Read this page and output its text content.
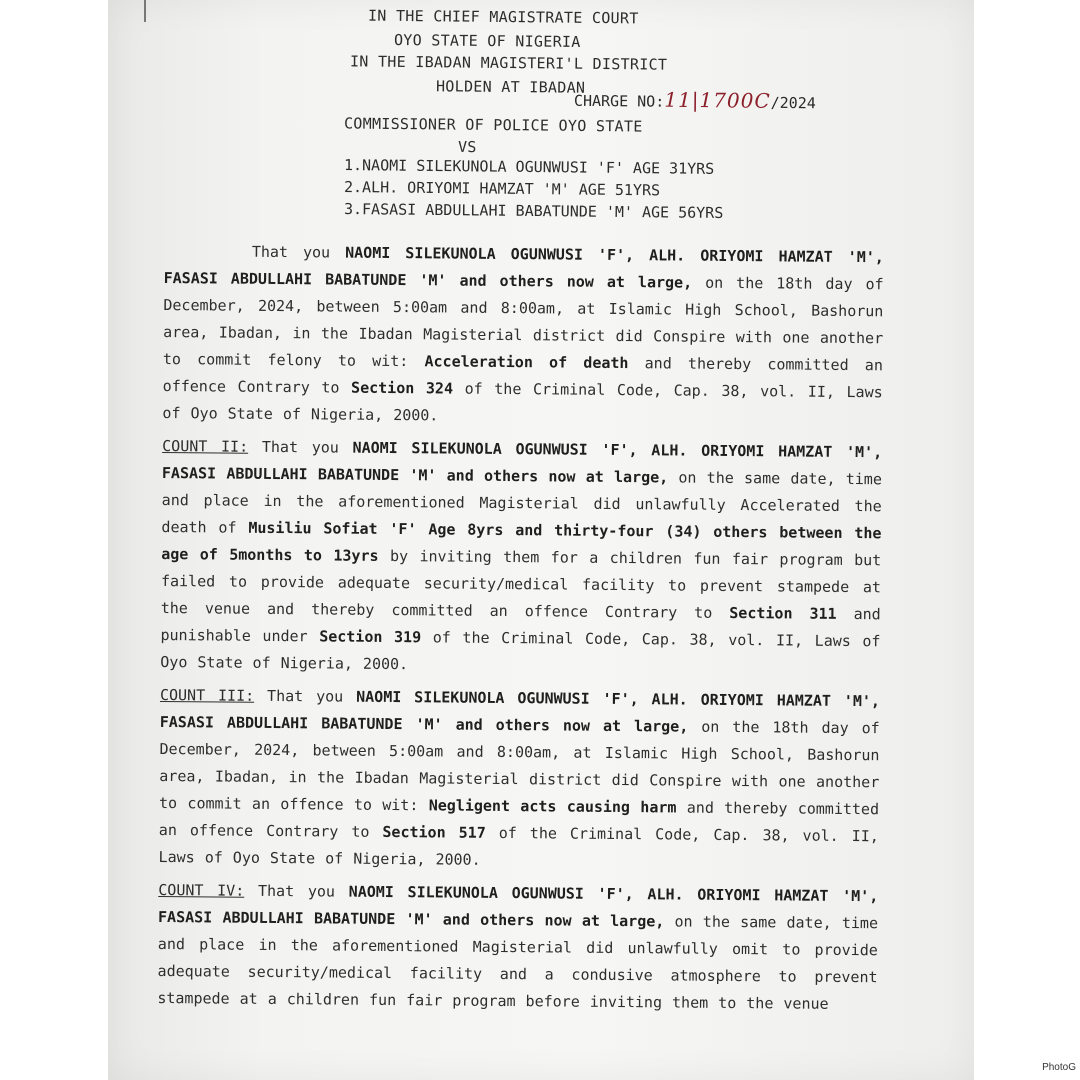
IN THE CHIEF MAGISTRATE COURT
OYO STATE OF NIGERIA
IN THE IBADAN MAGISTERI'L DISTRICT
HOLDEN AT IBADAN
CHARGE NO:11|1700C/2024
COMMISSIONER OF POLICE OYO STATE
VS
1.NAOMI SILEKUNOLA OGUNWUSI 'F' AGE 31YRS
2.ALH. ORIYOMI HAMZAT 'M' AGE 51YRS
3.FASASI ABDULLAHI BABATUNDE 'M' AGE 56YRS

That you NAOMI SILEKUNOLA OGUNWUSI 'F', ALH. ORIYOMI HAMZAT 'M', FASASI ABDULLAHI BABATUNDE 'M' and others now at large, on the 18th day of December, 2024, between 5:00am and 8:00am, at Islamic High School, Bashorun area, Ibadan, in the Ibadan Magisterial district did Conspire with one another to commit felony to wit: Acceleration of death and thereby committed an offence Contrary to Section 324 of the Criminal Code, Cap. 38, vol. II, Laws of Oyo State of Nigeria, 2000.

COUNT II: That you NAOMI SILEKUNOLA OGUNWUSI 'F', ALH. ORIYOMI HAMZAT 'M', FASASI ABDULLAHI BABATUNDE 'M' and others now at large, on the same date, time and place in the aforementioned Magisterial did unlawfully Accelerated the death of Musiliu Sofiat 'F' Age 8yrs and thirty-four (34) others between the age of 5months to 13yrs by inviting them for a children fun fair program but failed to provide adequate security/medical facility to prevent stampede at the venue and thereby committed an offence Contrary to Section 311 and punishable under Section 319 of the Criminal Code, Cap. 38, vol. II, Laws of Oyo State of Nigeria, 2000.

COUNT III: That you NAOMI SILEKUNOLA OGUNWUSI 'F', ALH. ORIYOMI HAMZAT 'M', FASASI ABDULLAHI BABATUNDE 'M' and others now at large, on the 18th day of December, 2024, between 5:00am and 8:00am, at Islamic High School, Bashorun area, Ibadan, in the Ibadan Magisterial district did Conspire with one another to commit an offence to wit: Negligent acts causing harm and thereby committed an offence Contrary to Section 517 of the Criminal Code, Cap. 38, vol. II, Laws of Oyo State of Nigeria, 2000.

COUNT IV: That you NAOMI SILEKUNOLA OGUNWUSI 'F', ALH. ORIYOMI HAMZAT 'M', FASASI ABDULLAHI BABATUNDE 'M' and others now at large, on the same date, time and place in the aforementioned Magisterial did unlawfully omit to provide adequate security/medical facility and a condusive atmosphere to prevent stampede at a children fun fair program before inviting them to the venue

PhotoG
